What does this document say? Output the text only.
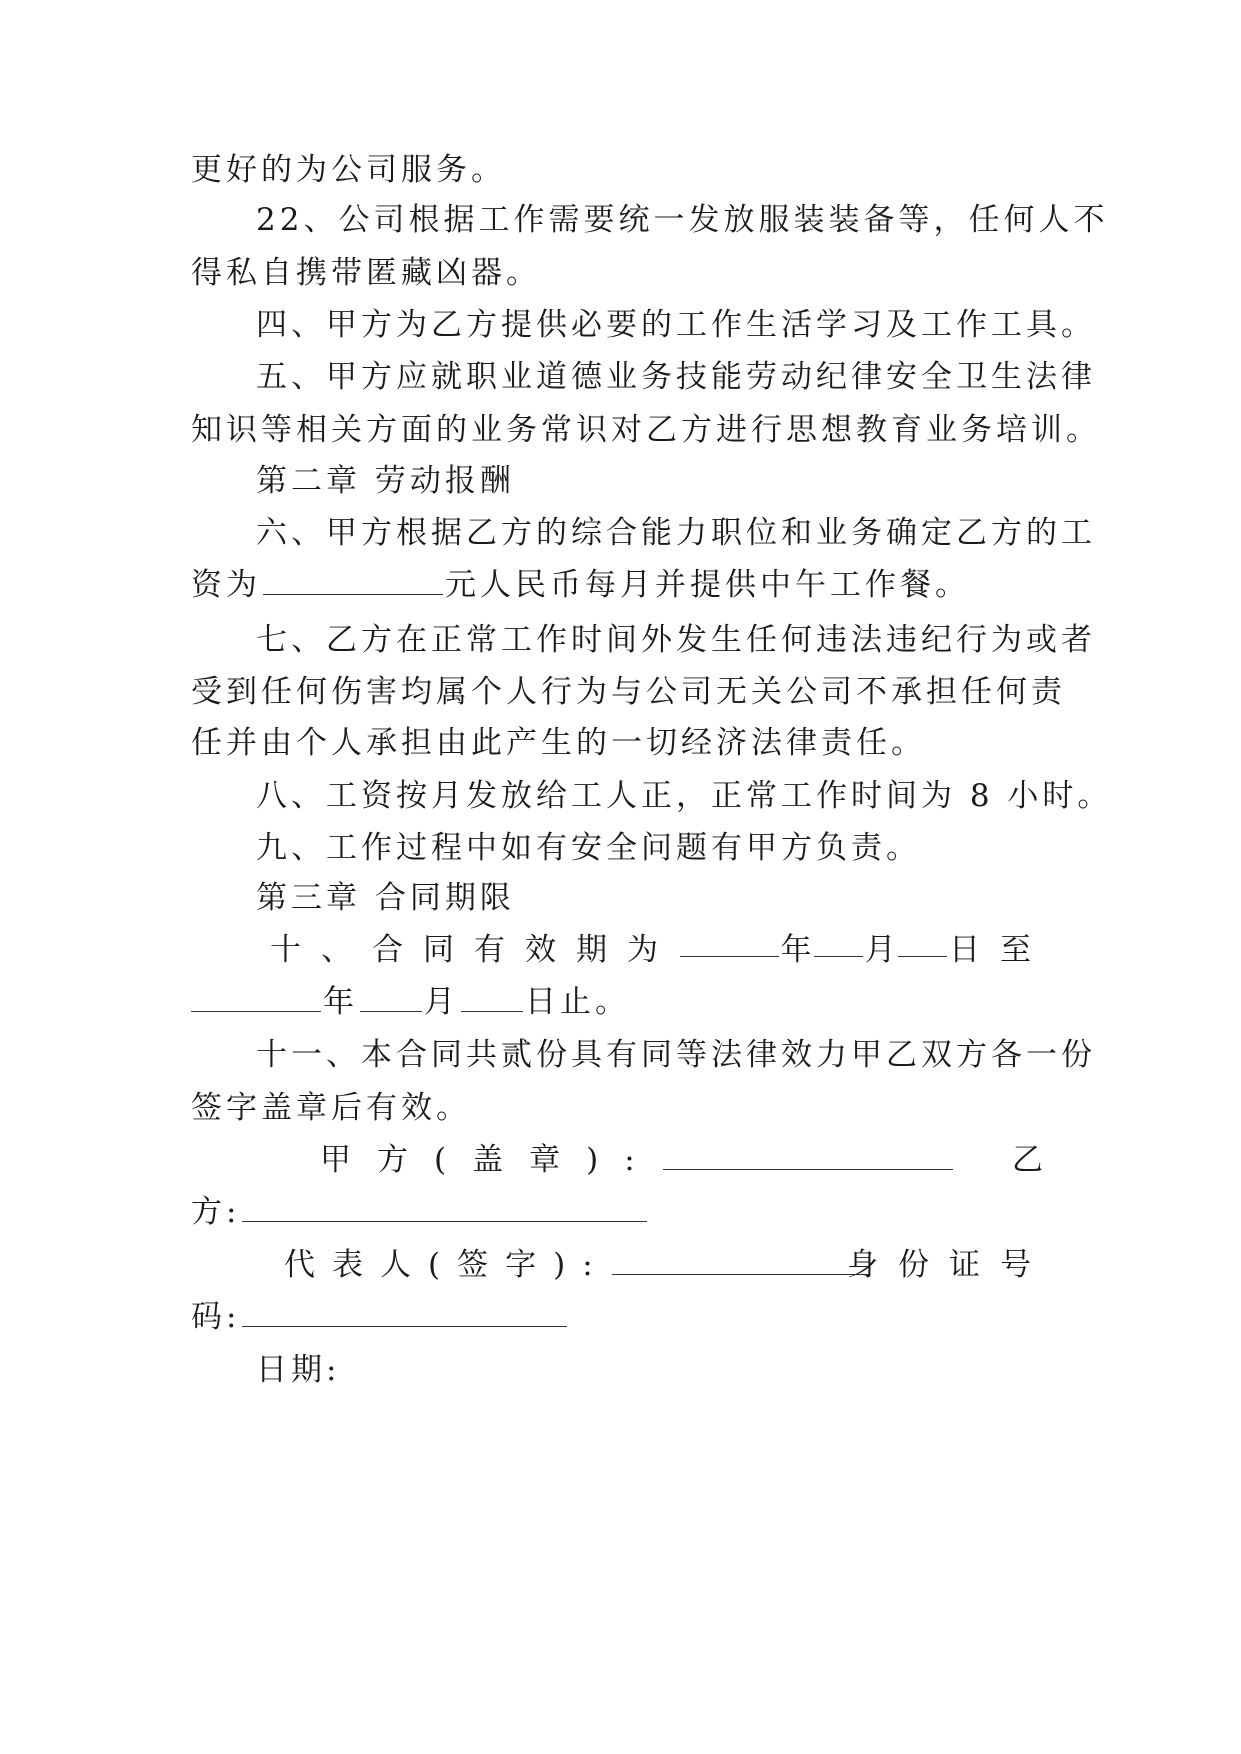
更好的为公司服务。
22、公司根据工作需要统一发放服装装备等，任何人不
得私自携带匿藏凶器。
四、甲方为乙方提供必要的工作生活学习及工作工具。
五、甲方应就职业道德业务技能劳动纪律安全卫生法律
知识等相关方面的业务常识对乙方进行思想教育业务培训。
第二章 劳动报酬
六、甲方根据乙方的综合能力职位和业务确定乙方的工
资为	元人民币每月并提供中午工作餐。
七、乙方在正常工作时间外发生任何违法违纪行为或者
受到任何伤害均属个人行为与公司无关公司不承担任何责
任并由个人承担由此产生的一切经济法律责任。
八、工资按月发放给工人正，正常工作时间为 8 小时。
九、工作过程中如有安全问题有甲方负责。
第三章 合同期限
十、合同有效期为	年 月 日至
年 月 日止。
十一、本合同共贰份具有同等法律效力甲乙双方各一份
签字盖章后有效。
甲方(盖章):	乙
方:
代表人(签字):	身份证号
码:
日期:
